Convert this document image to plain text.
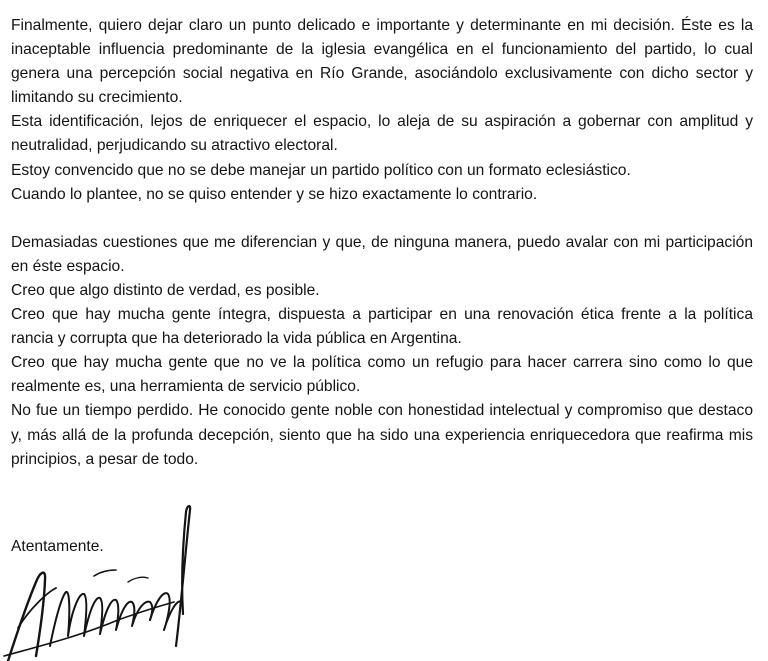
Finalmente, quiero dejar claro un punto delicado e importante y determinante en mi decisión. Éste es la inaceptable influencia predominante de la iglesia evangélica en el funcionamiento del partido, lo cual genera una percepción social negativa en Río Grande, asociándolo exclusivamente con dicho sector y limitando su crecimiento.

Esta identificación, lejos de enriquecer el espacio, lo aleja de su aspiración a gobernar con amplitud y neutralidad, perjudicando su atractivo electoral.

Estoy convencido que no se debe manejar un partido político con un formato eclesiástico.

Cuando lo plantee, no se quiso entender y se hizo exactamente lo contrario.

Demasiadas cuestiones que me diferencian y que, de ninguna manera, puedo avalar con mi participación en éste espacio.

Creo que algo distinto de verdad, es posible.

Creo que hay mucha gente íntegra, dispuesta a participar en una renovación ética frente a la política rancia y corrupta que ha deteriorado la vida pública en Argentina.

Creo que hay mucha gente que no ve la política como un refugio para hacer carrera sino como lo que realmente es, una herramienta de servicio público.

No fue un tiempo perdido. He conocido gente noble con honestidad intelectual y compromiso que destaco y, más allá de la profunda decepción, siento que ha sido una experiencia enriquecedora que reafirma mis principios, a pesar de todo.

Atentamente.
